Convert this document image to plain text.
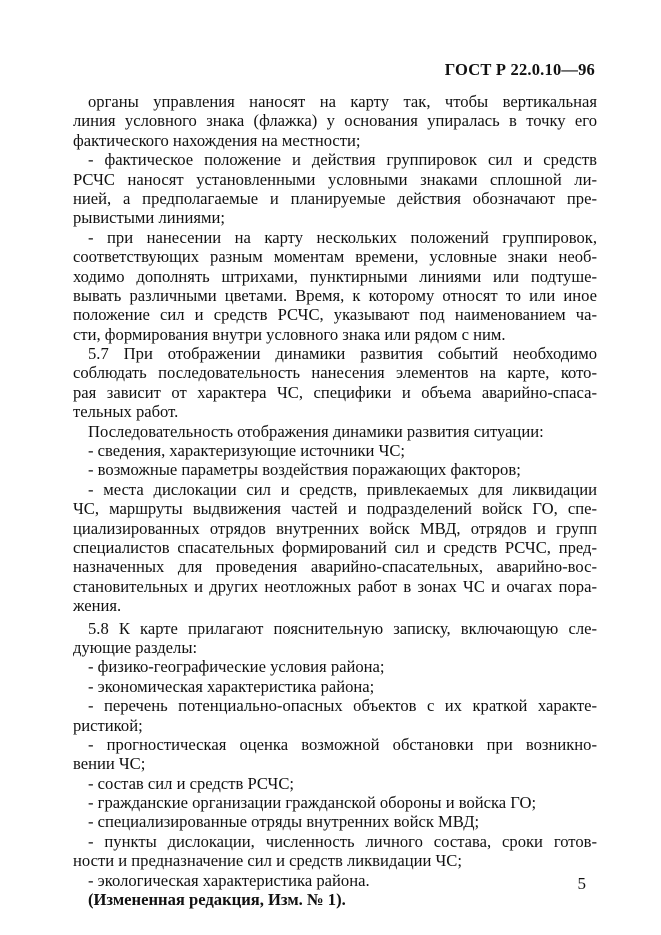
ГОСТ Р 22.0.10—96
органы управления наносят на карту так, чтобы вертикальная
линия условного знака (флажка) у основания упиралась в точку его
фактического нахождения на местности;
- фактическое положение и действия группировок сил и средств
РСЧС наносят установленными условными знаками сплошной ли-
нией, а предполагаемые и планируемые действия обозначают пре-
рывистыми линиями;
- при нанесении на карту нескольких положений группировок,
соответствующих разным моментам времени, условные знаки необ-
ходимо дополнять штрихами, пунктирными линиями или подтуше-
вывать различными цветами. Время, к которому относят то или иное
положение сил и средств РСЧС, указывают под наименованием ча-
сти, формирования внутри условного знака или рядом с ним.
5.7 При отображении динамики развития событий необходимо
соблюдать последовательность нанесения элементов на карте, кото-
рая зависит от характера ЧС, специфики и объема аварийно-спаса-
тельных работ.
Последовательность отображения динамики развития ситуации:
- сведения, характеризующие источники ЧС;
- возможные параметры воздействия поражающих факторов;
- места дислокации сил и средств, привлекаемых для ликвидации
ЧС, маршруты выдвижения частей и подразделений войск ГО, спе-
циализированных отрядов внутренних войск МВД, отрядов и групп
специалистов спасательных формирований сил и средств РСЧС, пред-
назначенных для проведения аварийно-спасательных, аварийно-вос-
становительных и других неотложных работ в зонах ЧС и очагах пора-
жения.
5.8 К карте прилагают пояснительную записку, включающую сле-
дующие разделы:
- физико-географические условия района;
- экономическая характеристика района;
- перечень потенциально-опасных объектов с их краткой характе-
ристикой;
- прогностическая оценка возможной обстановки при возникно-
вении ЧС;
- состав сил и средств РСЧС;
- гражданские организации гражданской обороны и войска ГО;
- специализированные отряды внутренних войск МВД;
- пункты дислокации, численность личного состава, сроки готов-
ности и предназначение сил и средств ликвидации ЧС;
- экологическая характеристика района.
(Измененная редакция, Изм. № 1).
5
